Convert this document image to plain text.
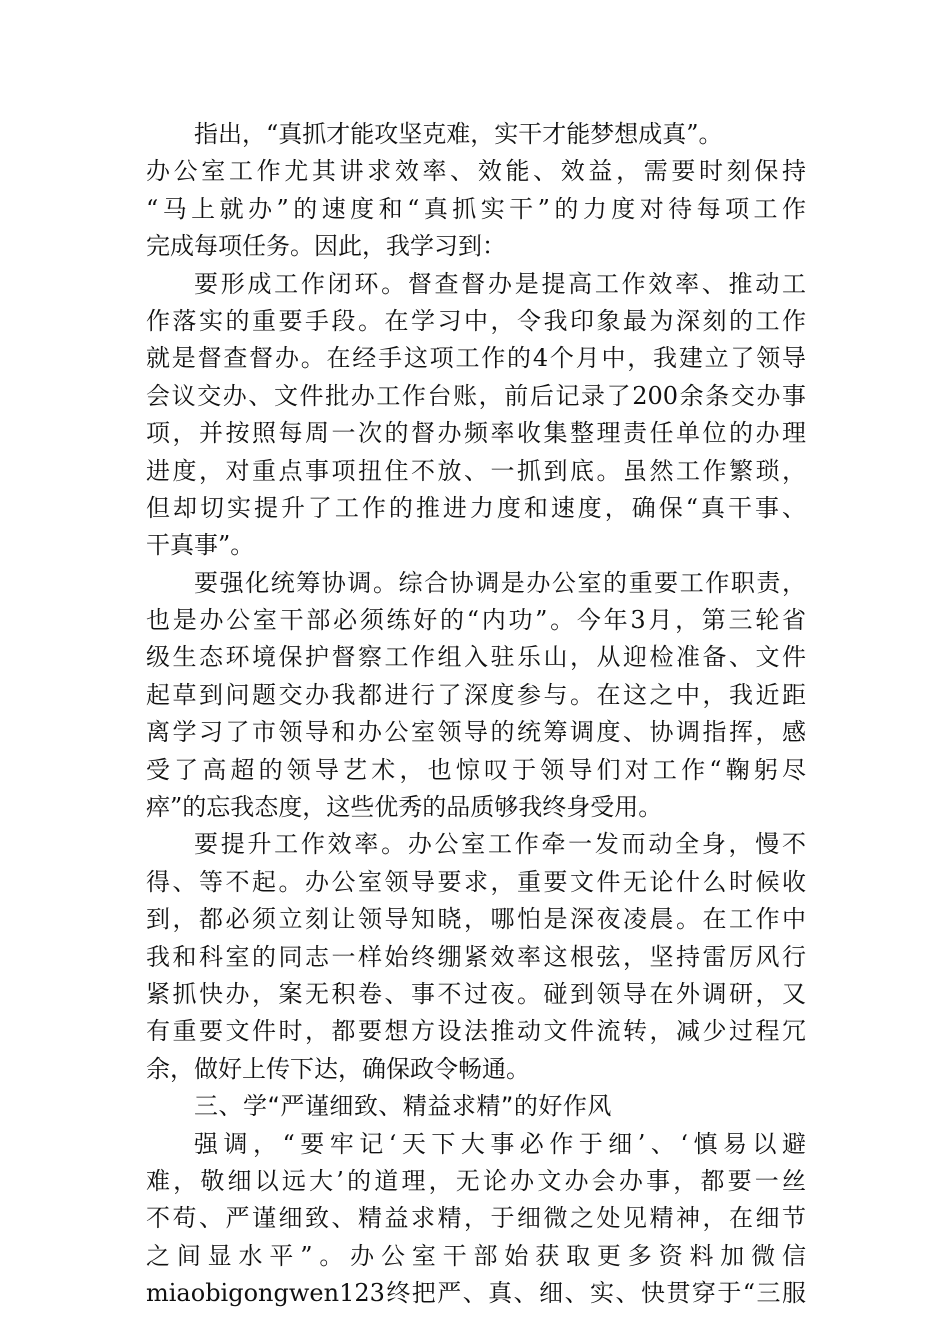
指出，“真抓才能攻坚克难，实干才能梦想成真”。
办公室工作尤其讲求效率、效能、效益，需要时刻保持
“马上就办”的速度和“真抓实干”的力度对待每项工作
完成每项任务。因此，我学习到：
要形成工作闭环。督查督办是提高工作效率、推动工
作落实的重要手段。在学习中，令我印象最为深刻的工作
就是督查督办。在经手这项工作的4个月中，我建立了领导
会议交办、文件批办工作台账，前后记录了200余条交办事
项，并按照每周一次的督办频率收集整理责任单位的办理
进度，对重点事项扭住不放、一抓到底。虽然工作繁琐，
但却切实提升了工作的推进力度和速度，确保“真干事、
干真事”。
要强化统筹协调。综合协调是办公室的重要工作职责，
也是办公室干部必须练好的“内功”。今年3月，第三轮省
级生态环境保护督察工作组入驻乐山，从迎检准备、文件
起草到问题交办我都进行了深度参与。在这之中，我近距
离学习了市领导和办公室领导的统筹调度、协调指挥，感
受了高超的领导艺术，也惊叹于领导们对工作“鞠躬尽
瘁”的忘我态度，这些优秀的品质够我终身受用。
要提升工作效率。办公室工作牵一发而动全身，慢不
得、等不起。办公室领导要求，重要文件无论什么时候收
到，都必须立刻让领导知晓，哪怕是深夜凌晨。在工作中
我和科室的同志一样始终绷紧效率这根弦，坚持雷厉风行
紧抓快办，案无积卷、事不过夜。碰到领导在外调研，又
有重要文件时，都要想方设法推动文件流转，减少过程冗
余，做好上传下达，确保政令畅通。
三、学“严谨细致、精益求精”的好作风
强调，“要牢记‘天下大事必作于细’、‘慎易以避
难，敬细以远大’的道理，无论办文办会办事，都要一丝
不苟、严谨细致、精益求精，于细微之处见精神，在细节
之间显水平”。办公室干部始获取更多资料加微信
miaobigongwen123终把严、真、细、实、快贯穿于“三服
